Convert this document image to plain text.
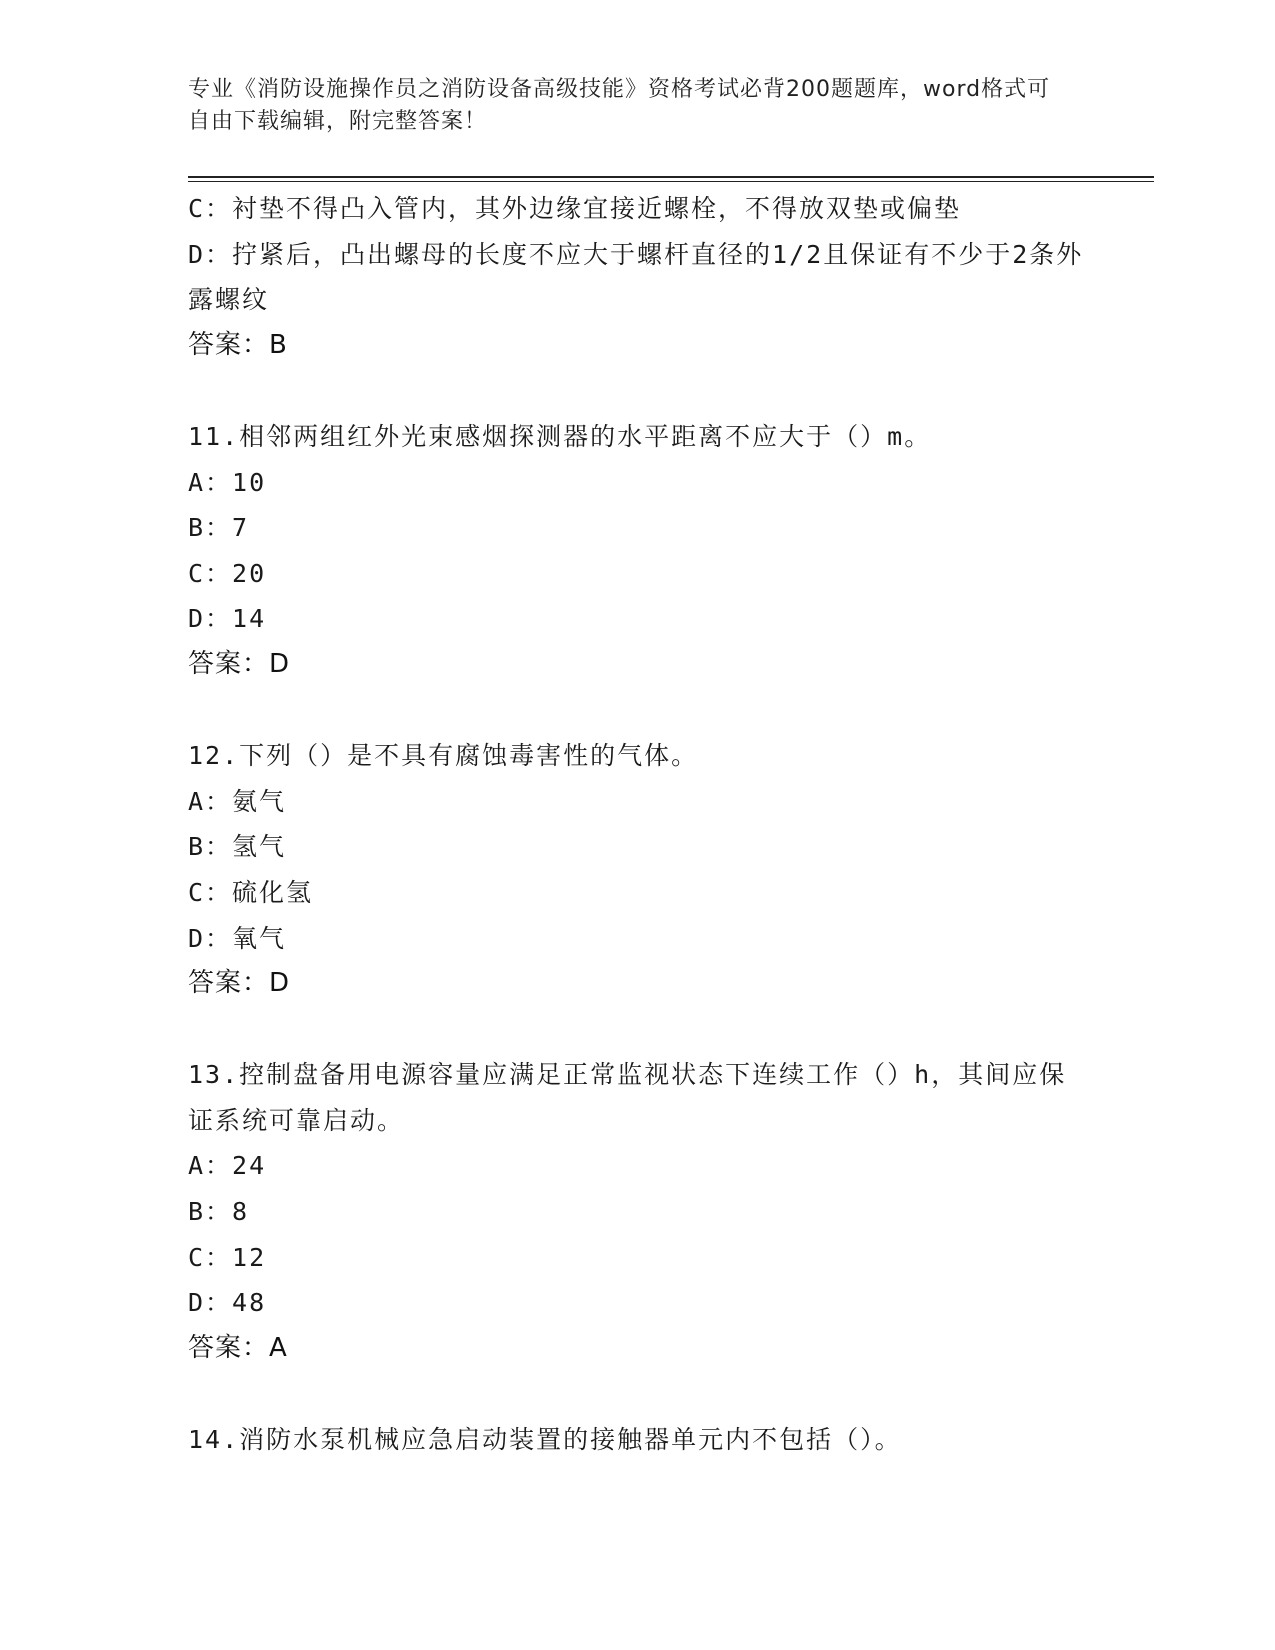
专业《消防设施操作员之消防设备高级技能》资格考试必背200题题库，word格式可自由下载编辑，附完整答案！
C：衬垫不得凸入管内，其外边缘宜接近螺栓，不得放双垫或偏垫
D：拧紧后，凸出螺母的长度不应大于螺杆直径的1/2且保证有不少于2条外露螺纹
答案：B
11.相邻两组红外光束感烟探测器的水平距离不应大于（）m。
A：10
B：7
C：20
D：14
答案：D
12.下列（）是不具有腐蚀毒害性的气体。
A：氨气
B：氢气
C：硫化氢
D：氧气
答案：D
13.控制盘备用电源容量应满足正常监视状态下连续工作（）h，其间应保证系统可靠启动。
A：24
B：8
C：12
D：48
答案：A
14.消防水泵机械应急启动装置的接触器单元内不包括（）。
